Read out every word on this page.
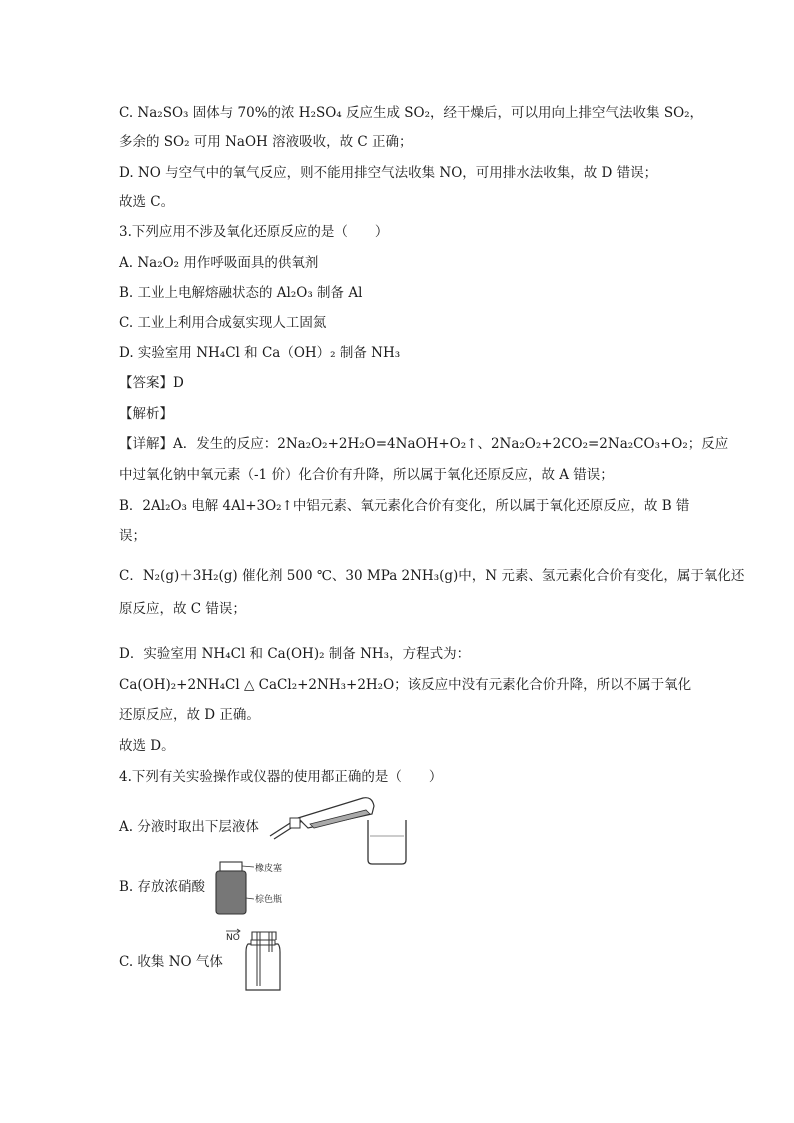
C. Na₂SO₃ 固体与 70%的浓 H₂SO₄ 反应生成 SO₂，经干燥后，可以用向上排空气法收集 SO₂，
多余的 SO₂ 可用 NaOH 溶液吸收，故 C 正确；
D. NO 与空气中的氧气反应，则不能用排空气法收集 NO，可用排水法收集，故 D 错误；
故选 C。
3.下列应用不涉及氧化还原反应的是（　　）
A. Na₂O₂ 用作呼吸面具的供氧剂
B. 工业上电解熔融状态的 Al₂O₃ 制备 Al
C. 工业上利用合成氨实现人工固氮
D. 实验室用 NH₄Cl 和 Ca（OH）₂ 制备 NH₃
【答案】D
【解析】
【详解】A．发生的反应：2Na₂O₂+2H₂O=4NaOH+O₂↑、2Na₂O₂+2CO₂=2Na₂CO₃+O₂；反应
中过氧化钠中氧元素（-1 价）化合价有升降，所以属于氧化还原反应，故 A 错误；
B．2Al₂O₃ 电解 4Al+3O₂↑中铝元素、氧元素化合价有变化，所以属于氧化还原反应，故 B 错
误；
C．N₂(g)＋3H₂(g) 催化剂 500 ℃、30 MPa 2NH₃(g)中，N 元素、氢元素化合价有变化，属于氧化还
原反应，故 C 错误；
D．实验室用 NH₄Cl 和 Ca(OH)₂ 制备 NH₃，方程式为：
Ca(OH)₂+2NH₄Cl △ CaCl₂+2NH₃+2H₂O；该反应中没有元素化合价升降，所以不属于氧化
还原反应，故 D 正确。
故选 D。
4.下列有关实验操作或仪器的使用都正确的是（　　）
A. 分液时取出下层液体
B. 存放浓硝酸
C. 收集 NO 气体
橡皮塞
棕色瓶
NO
